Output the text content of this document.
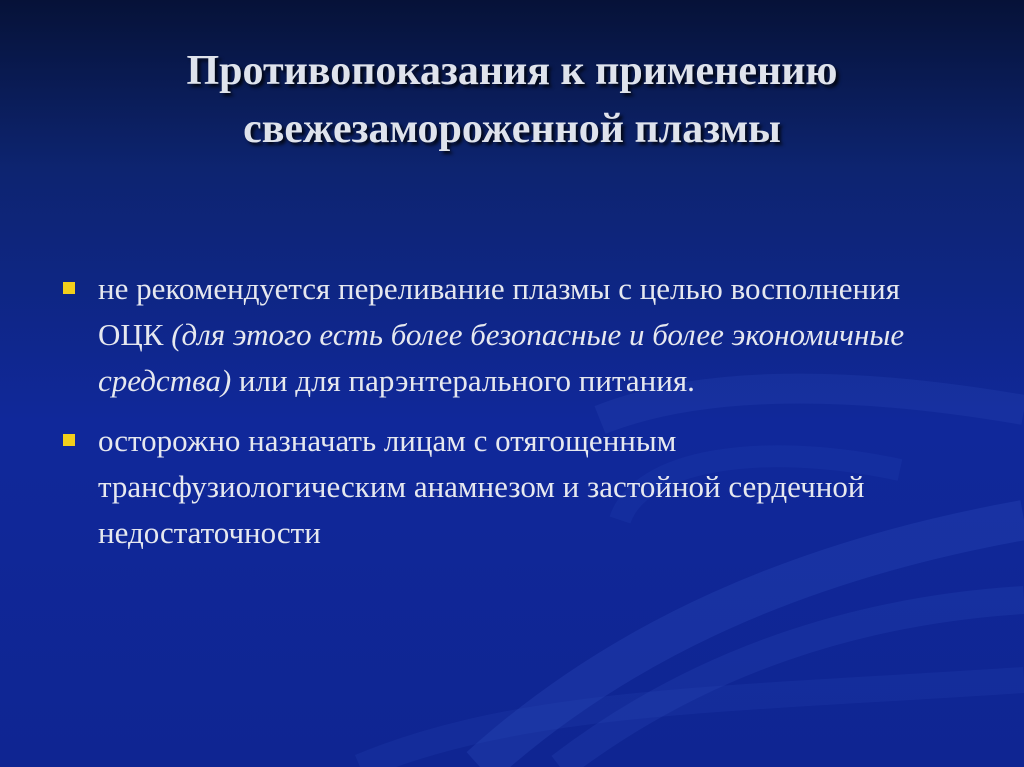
Противопоказания к применению
свежезамороженной плазмы
не рекомендуется переливание плазмы с целью восполнения ОЦК (для этого есть более безопасные и более экономичные средства) или для парэнтерального питания.
осторожно назначать лицам с отягощенным трансфузиологическим анамнезом и застойной сердечной недостаточности
